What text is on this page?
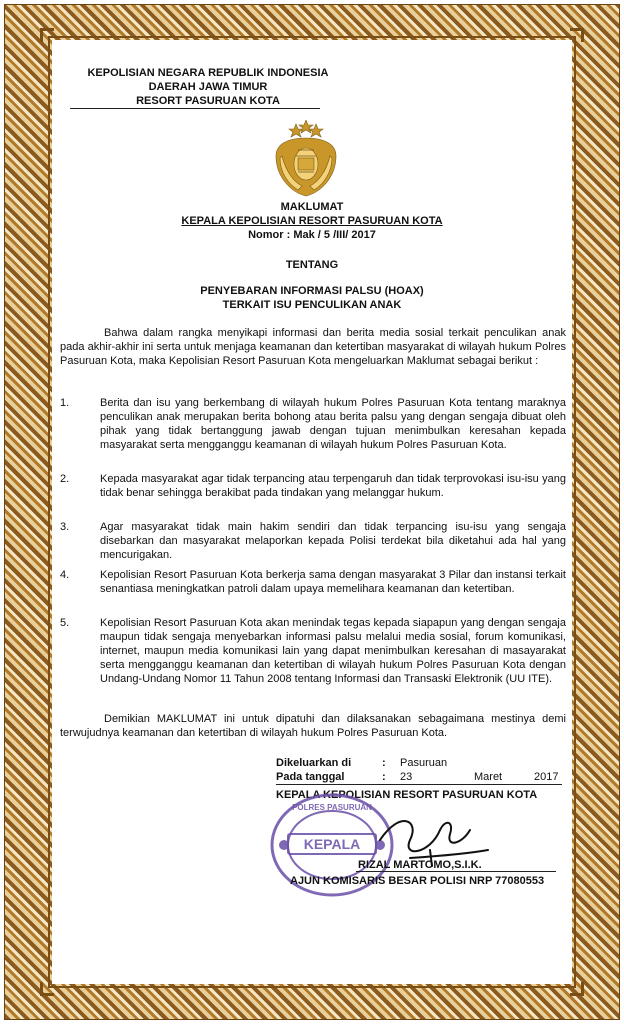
KEPOLISIAN NEGARA REPUBLIK INDONESIA
DAERAH JAWA TIMUR
RESORT PASURUAN KOTA
MAKLUMAT
KEPALA KEPOLISIAN RESORT PASURUAN KOTA
Nomor : Mak / 5 /III/ 2017
TENTANG
PENYEBARAN INFORMASI PALSU (HOAX)
TERKAIT ISU PENCULIKAN ANAK
Bahwa dalam rangka menyikapi informasi dan berita media sosial terkait penculikan anak pada akhir-akhir ini serta untuk menjaga keamanan dan ketertiban masyarakat di wilayah hukum Polres Pasuruan Kota, maka Kepolisian Resort Pasuruan Kota mengeluarkan Maklumat sebagai berikut :
1.	Berita dan isu yang berkembang di wilayah hukum Polres Pasuruan Kota tentang maraknya penculikan anak merupakan berita bohong atau berita palsu yang dengan sengaja dibuat oleh pihak yang tidak bertanggung jawab dengan tujuan menimbulkan keresahan kepada masyarakat serta mengganggu keamanan di wilayah hukum Polres Pasuruan Kota.
2.	Kepada masyarakat agar tidak terpancing atau terpengaruh dan tidak terprovokasi isu-isu yang tidak benar sehingga berakibat pada tindakan yang melanggar hukum.
3.	Agar masyarakat tidak main hakim sendiri dan tidak terpancing isu-isu yang sengaja disebarkan dan masyarakat melaporkan kepada Polisi terdekat bila diketahui ada hal yang mencurigakan.
4.	Kepolisian Resort Pasuruan Kota berkerja sama dengan masyarakat 3 Pilar dan instansi terkait senantiasa meningkatkan patroli dalam upaya memelihara keamanan dan ketertiban.
5.	Kepolisian Resort Pasuruan Kota akan menindak tegas kepada siapapun yang dengan sengaja maupun tidak sengaja menyebarkan informasi palsu melalui media sosial, forum komunikasi, internet, maupun media komunikasi lain yang dapat menimbulkan keresahan di masayarakat serta mengganggu keamanan dan ketertiban di wilayah hukum Polres Pasuruan Kota dengan Undang-Undang Nomor 11 Tahun 2008 tentang Informasi dan Transaski Elektronik (UU ITE).
Demikian MAKLUMAT ini untuk dipatuhi dan dilaksanakan sebagaimana mestinya demi terwujudnya keamanan dan ketertiban di wilayah hukum Polres Pasuruan Kota.
Dikeluarkan di	: Pasuruan
Pada tanggal	: 23	Maret	2017
KEPALA KEPOLISIAN RESORT PASURUAN KOTA
KEPALA
POLRES PASURUAN
RIZAL MARTOMO,S.I.K.
AJUN KOMISARIS BESAR POLISI NRP 77080553
